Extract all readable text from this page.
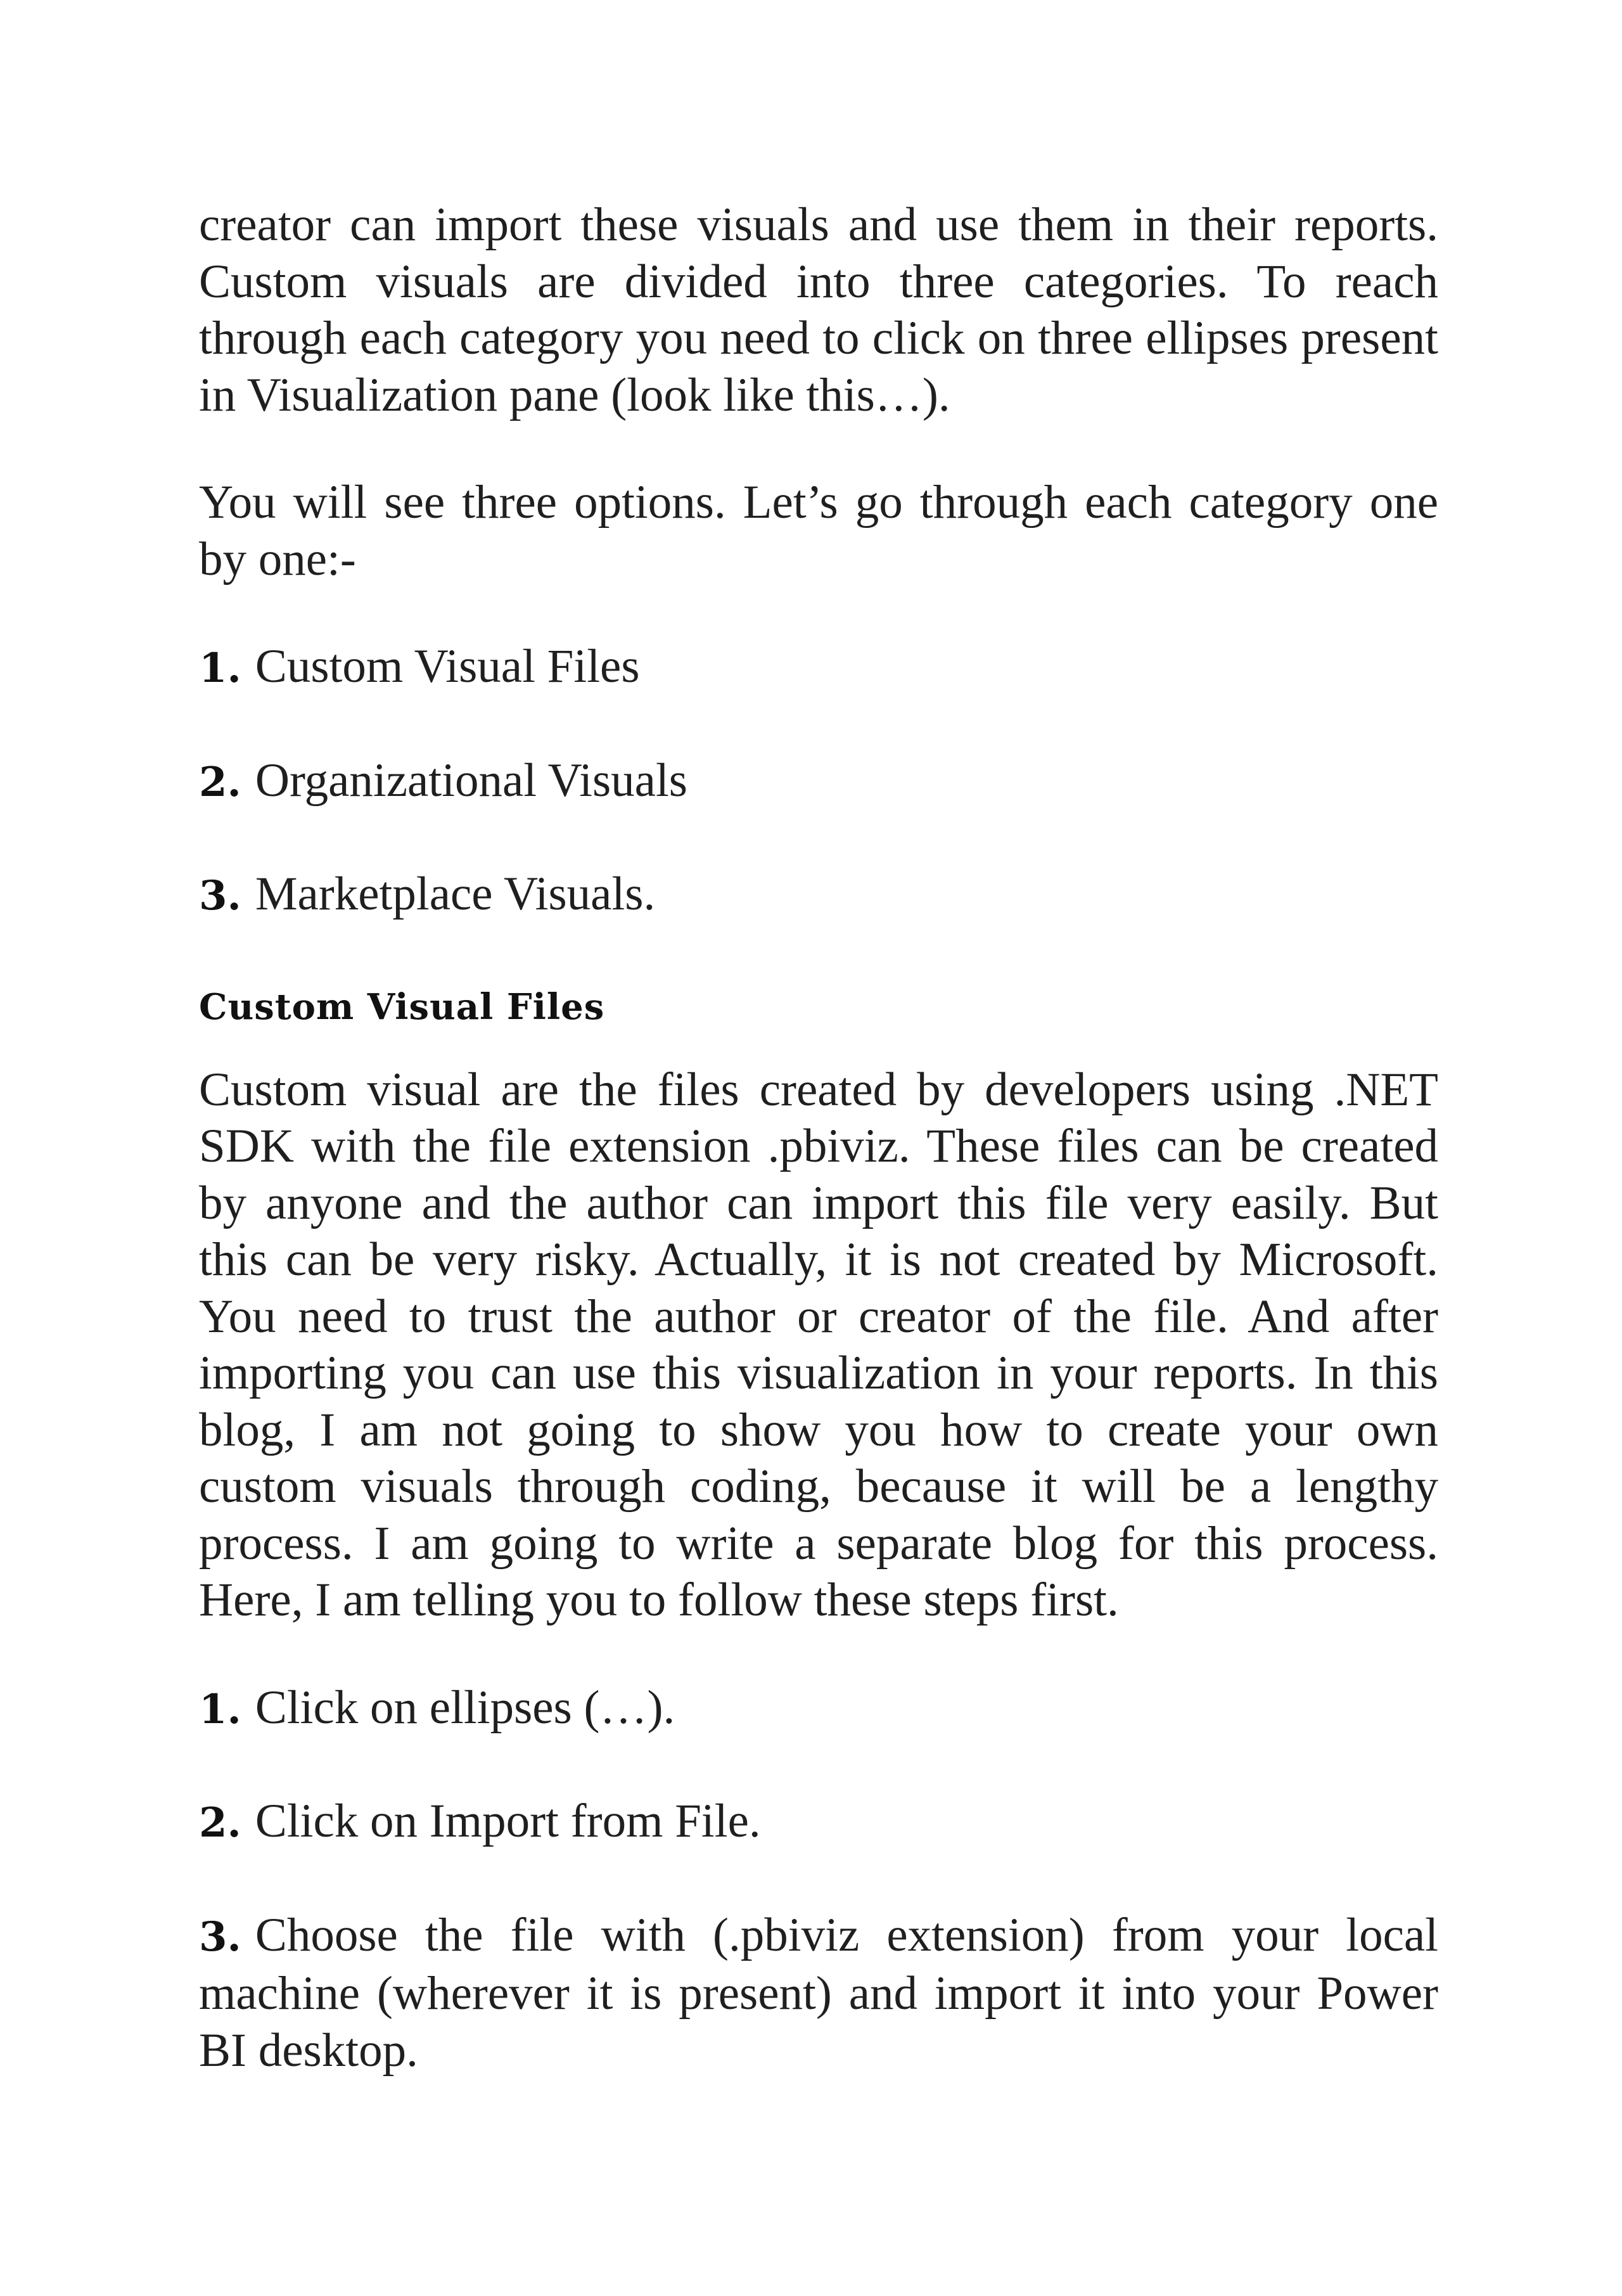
creator can import these visuals and use them in their reports. Custom visuals are divided into three categories. To reach through each category you need to click on three ellipses present in Visualization pane (look like this…).

You will see three options. Let’s go through each category one by one:-

1. Custom Visual Files
2. Organizational Visuals
3. Marketplace Visuals.
Custom Visual Files

Custom visual are the files created by developers using .NET SDK with the file extension .pbiviz. These files can be created by anyone and the author can import this file very easily. But this can be very risky. Actually, it is not created by Microsoft. You need to trust the author or creator of the file. And after importing you can use this visualization in your reports. In this blog, I am not going to show you how to create your own custom visuals through coding, because it will be a lengthy process. I am going to write a separate blog for this process. Here, I am telling you to follow these steps first.

1. Click on ellipses (…).
2. Click on Import from File.
3. Choose the file with (.pbiviz extension) from your local machine (wherever it is present) and import it into your Power BI desktop.
